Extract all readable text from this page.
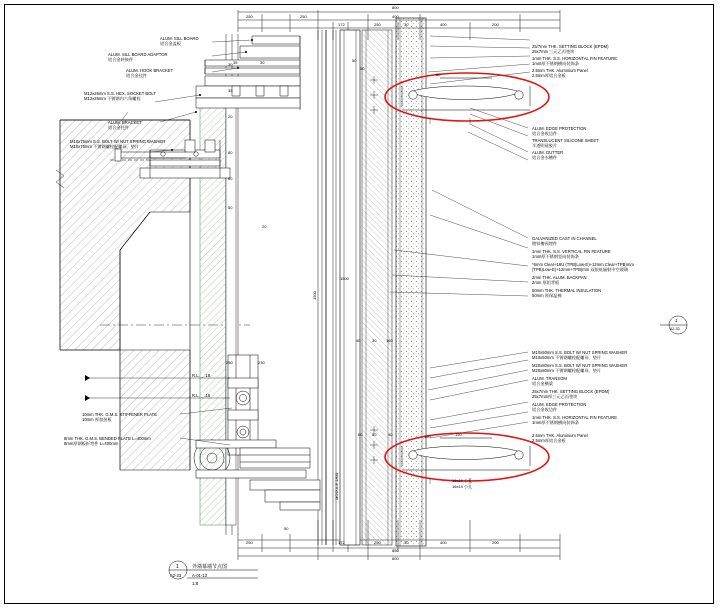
ALUM. SILL BOARD
铝合金盖板
ALUM. SILL BOARD ADAPTOR
铝合金转接件
ALUM. HOOK BRACKET
铝合金挂件
M12x26mm S.S. HEX. SOCKET BOLT
M12x26mm 不锈钢内六角螺栓
ALUM. BRACKET
铝合金托件
M10x75mm S.S. BOLT W/ NUT SPRING WASHER
M10x75mm 不锈钢螺栓配螺母、垫片
25/7mm THK. SETTING BLOCK (EPDM)
25x7mm 三元乙丙垫块
1mm THK. S.S. HORIZONTAL FIN FEATURE
1mm厚不锈钢横向装饰条
2.5mm THK. Aluminium Panel
2.5mm厚铝合金板
ALUM. EDGE PROTECTION
铝合金收边件
TRANSLUCENT SILICONE SHEET
半透明硅胶片
ALUM. GUTTER
铝合金水槽件
GALVANIZED CAST IN CHANNEL
镀锌槽预埋件
1mm THK. S.S. VERTICAL FIN FEATURE
1mm厚不锈钢竖向装饰条
*6mm Clear+16U (TPB)Low-E)+12mm Clear+TPB)mm
(TPB)Low-E)+12mm+TPB)mm 双银低辐射中空玻璃
2mm THK. ALUM. BACKPAN
2mm 厚铝背板
50mm THK. THERMAL INSULATION
50mm 厚保温棉
M10x50mm S.S. BOLT W/ NUT SPRING WASHER
M10x50mm 不锈钢螺栓配螺母、垫片
M20x80mm S.S. BOLT W/ NUT SPRING WASHER
M20x80mm 不锈钢螺栓配螺母、垫片
ALUM. TRANSOM
铝合金横梁
25x7mm THK. SETTING BLOCK (EPDM)
25x7mm厚三元乙丙垫块
ALUM. EDGE PROTECTION
铝合金收边件
1mm THK. S.S. HORIZONTAL FIN FEATURE
1mm厚不锈钢横向装饰条
2.5mm THK. Aluminium Panel
2.5mm厚铝合金板
10mm THK. G.M.S. STIFFENER PLATE
10mm 厚加劲板
8mm THK. G.M.S. BENDED PLATE L=400mm
8mm厚钢板折弯件 L=400mm
R.L. _ .18
R.L. _ .18
MODULE 1800
1500
800
250	250	400
172	250	30	400	200
50
50
35	30
800
850
250	172	250	30	400	200
50
150
30
35
20
80
60
50
250	230
20
150
80
16x19 小孔
60 50	40
45	30 160
1500
16x19 小孔
1
A2-33
1	外墙幕墙节点图
A2-33	A-01-13
1:8
